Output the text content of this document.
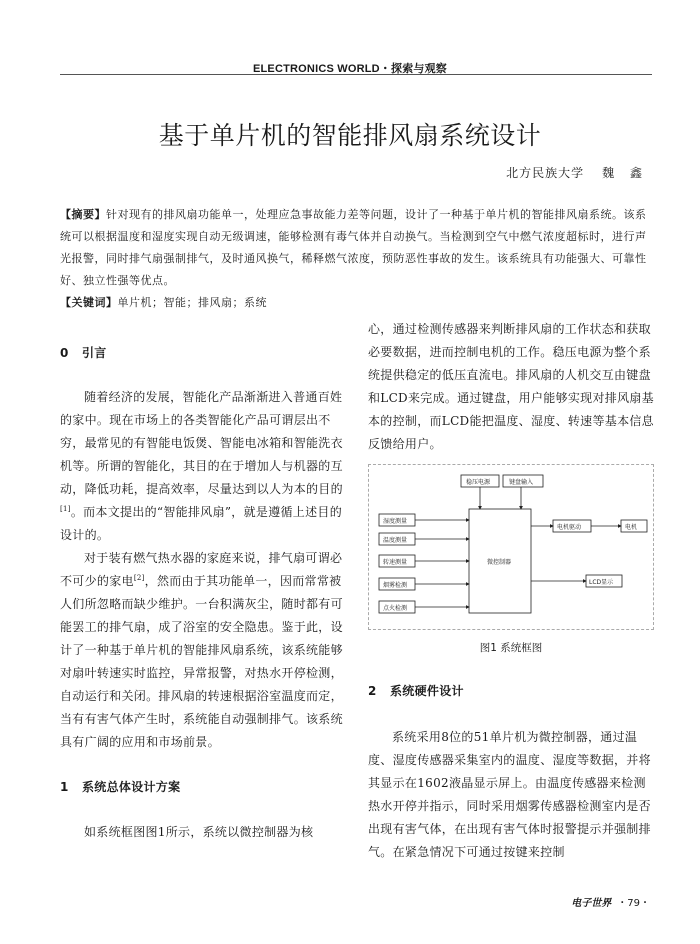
ELECTRONICS WORLD・探索与观察
基于单片机的智能排风扇系统设计
北方民族大学 魏 鑫
【摘要】针对现有的排风扇功能单一，处理应急事故能力差等问题，设计了一种基于单片机的智能排风扇系统。该系统可以根据温度和湿度实现自动无级调速，能够检测有毒气体并自动换气。当检测到空气中燃气浓度超标时，进行声光报警，同时排气扇强制排气，及时通风换气，稀释燃气浓度，预防恶性事故的发生。该系统具有功能强大、可靠性好、独立性强等优点。
【关键词】单片机；智能；排风扇；系统
0 引言

随着经济的发展，智能化产品渐渐进入普通百姓的家中。现在市场上的各类智能化产品可谓层出不穷，最常见的有智能电饭煲、智能电冰箱和智能洗衣机等。所谓的智能化，其目的在于增加人与机器的互动，降低功耗，提高效率，尽量达到以人为本的目的[1]。而本文提出的“智能排风扇”，就是遵循上述目的设计的。

对于装有燃气热水器的家庭来说，排气扇可谓必不可少的家电[2]，然而由于其功能单一，因而常常被人们所忽略而缺少维护。一台积满灰尘，随时都有可能罢工的排气扇，成了浴室的安全隐患。鉴于此，设计了一种基于单片机的智能排风扇系统，该系统能够对扇叶转速实时监控，异常报警，对热水开停检测，自动运行和关闭。排风扇的转速根据浴室温度而定，当有有害气体产生时，系统能自动强制排气。该系统具有广阔的应用和市场前景。

1 系统总体设计方案

如系统框图图1所示，系统以微控制器为核

心，通过检测传感器来判断排风扇的工作状态和获取必要数据，进而控制电机的工作。稳压电源为整个系统提供稳定的低压直流电。排风扇的人机交互由键盘和LCD来完成。通过键盘，用户能够实现对排风扇基本的控制，而LCD能把温度、湿度、转速等基本信息反馈给用户。

稳压电源	键盘输入
微控制器
湿度测量
温度测量
转速测量
烟雾检测
点火检测
电机驱动	电机
LCD显示
图1 系统框图
2 系统硬件设计

系统采用8位的51单片机为微控制器，通过温度、湿度传感器采集室内的温度、湿度等数据，并将其显示在1602液晶显示屏上。由温度传感器来检测热水开停并指示，同时采用烟雾传感器检测室内是否出现有害气体，在出现有害气体时报警提示并强制排气。在紧急情况下可通过按键来控制

电子世界 ・79・
